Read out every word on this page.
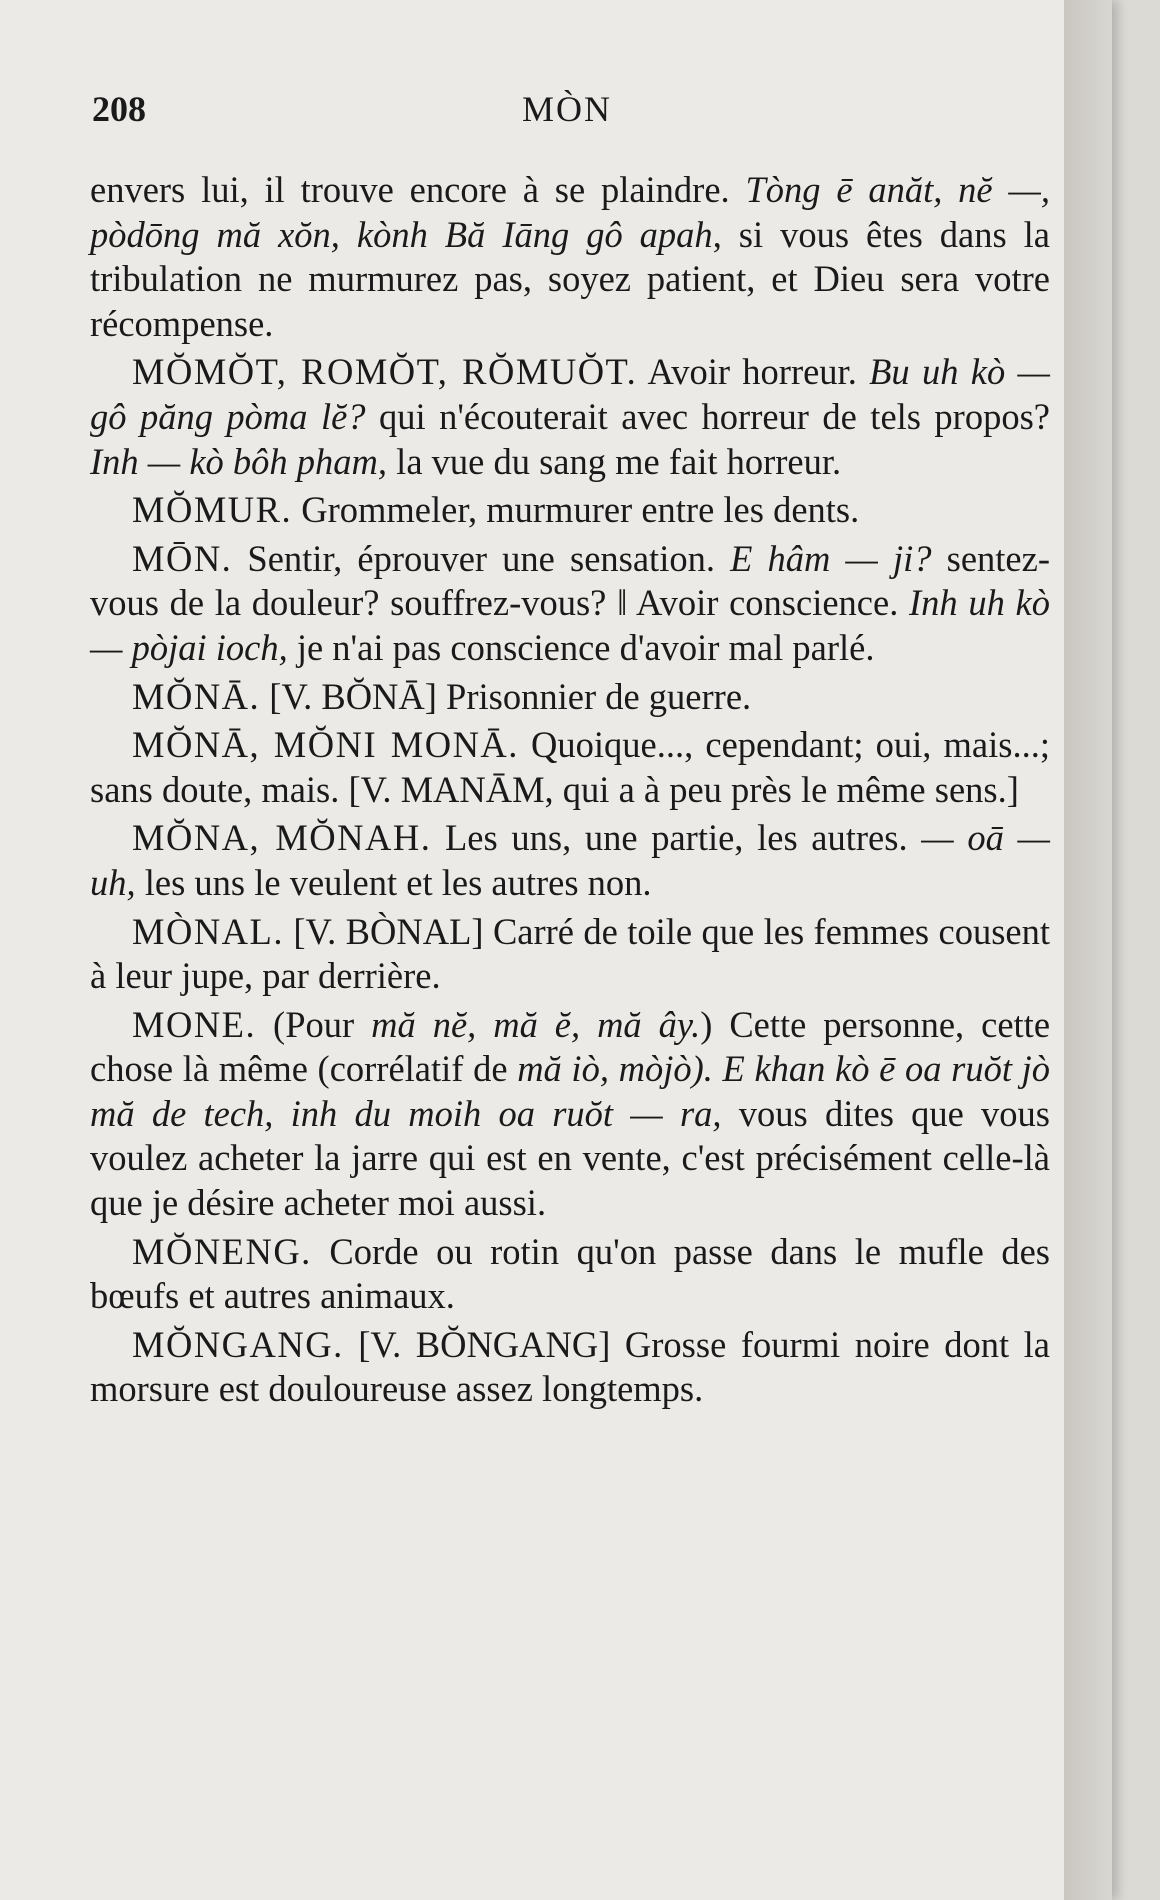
208	MÒN

envers lui, il trouve encore à se plaindre. Tòng ē anăt, nĕ —, pòdōng mă xŏn, kònh Bă Iāng gô apah, si vous êtes dans la tribulation ne murmurez pas, soyez patient, et Dieu sera votre récompense.

MŎMŎT, ROMŎT, RŎMUŎT. Avoir horreur. Bu uh kò — gô păng pòma lĕ? qui n'écouterait avec horreur de tels propos? Inh — kò bôh pham, la vue du sang me fait horreur.

MŎMUR. Grommeler, murmurer entre les dents.

MŌN. Sentir, éprouver une sensation. E hâm — ji? sentez-vous de la douleur? souffrez-vous? ‖ Avoir conscience. Inh uh kò — pòjai ioch, je n'ai pas conscience d'avoir mal parlé.

MŎNĀ. [V. BŎNĀ] Prisonnier de guerre.

MŎNĀ, MŎNI MONĀ. Quoique..., cependant; oui, mais...; sans doute, mais. [V. MANĀM, qui a à peu près le même sens.]

MŎNA, MŎNAH. Les uns, une partie, les autres. — oā — uh, les uns le veulent et les autres non.

MÒNAL. [V. BÒNAL] Carré de toile que les femmes cousent à leur jupe, par derrière.

MONE. (Pour mă nĕ, mă ĕ, mă ây.) Cette personne, cette chose là même (corrélatif de mă iò, mòjò). E khan kò ē oa ruŏt jò mă de tech, inh du moih oa ruŏt — ra, vous dites que vous voulez acheter la jarre qui est en vente, c'est précisément celle-là que je désire acheter moi aussi.

MŎNENG. Corde ou rotin qu'on passe dans le mufle des bœufs et autres animaux.

MŎNGANG. [V. BŎNGANG] Grosse fourmi noire dont la morsure est douloureuse assez longtemps.
